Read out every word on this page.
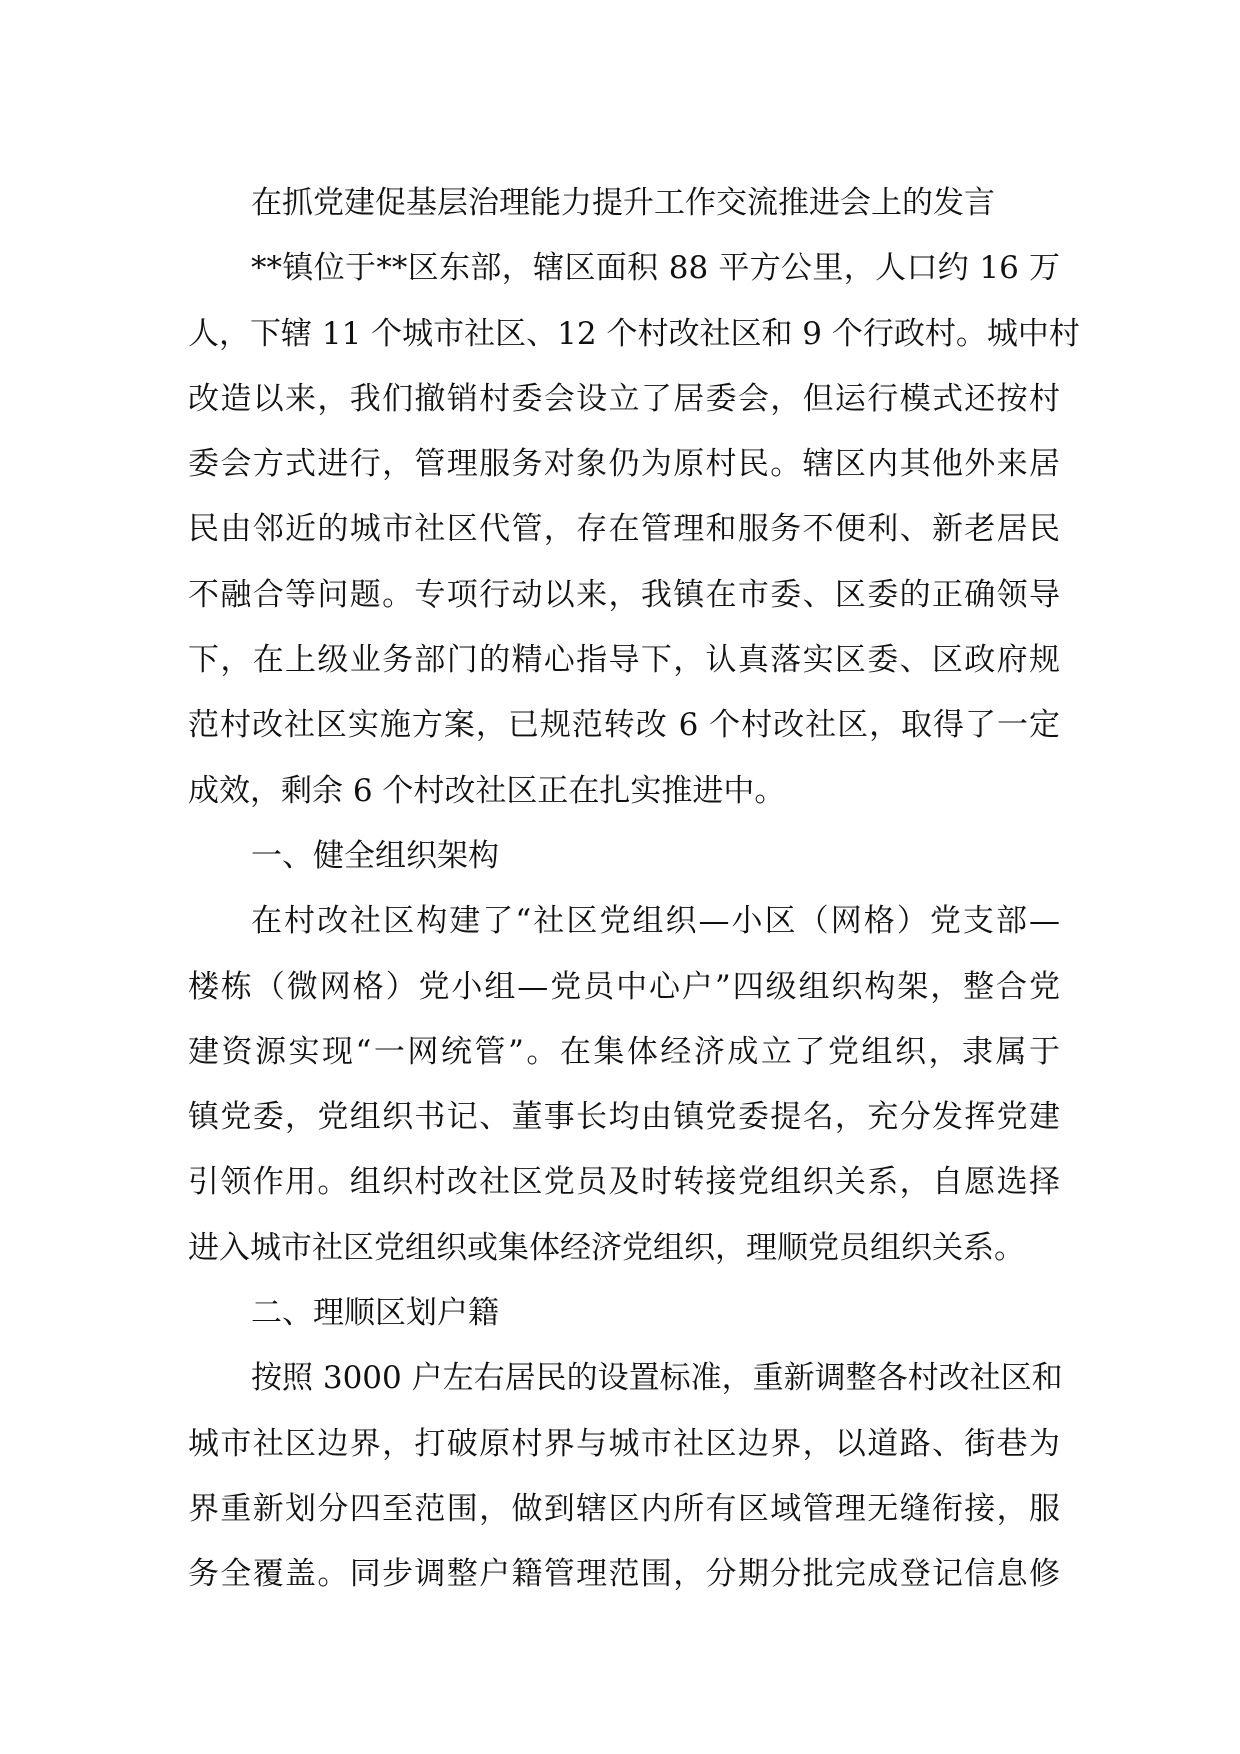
在抓党建促基层治理能力提升工作交流推进会上的发言
**镇位于**区东部，辖区面积 88 平方公里，人口约 16 万
人，下辖 11 个城市社区、12 个村改社区和 9 个行政村。城中村
改造以来，我们撤销村委会设立了居委会，但运行模式还按村
委会方式进行，管理服务对象仍为原村民。辖区内其他外来居
民由邻近的城市社区代管，存在管理和服务不便利、新老居民
不融合等问题。专项行动以来，我镇在市委、区委的正确领导
下，在上级业务部门的精心指导下，认真落实区委、区政府规
范村改社区实施方案，已规范转改 6 个村改社区，取得了一定
成效，剩余 6 个村改社区正在扎实推进中。
一、健全组织架构
在村改社区构建了“社区党组织—小区（网格）党支部—
楼栋（微网格）党小组—党员中心户”四级组织构架，整合党
建资源实现“一网统管”。在集体经济成立了党组织，隶属于
镇党委，党组织书记、董事长均由镇党委提名，充分发挥党建
引领作用。组织村改社区党员及时转接党组织关系，自愿选择
进入城市社区党组织或集体经济党组织，理顺党员组织关系。
二、理顺区划户籍
按照 3000 户左右居民的设置标准，重新调整各村改社区和
城市社区边界，打破原村界与城市社区边界，以道路、街巷为
界重新划分四至范围，做到辖区内所有区域管理无缝衔接，服
务全覆盖。同步调整户籍管理范围，分期分批完成登记信息修
